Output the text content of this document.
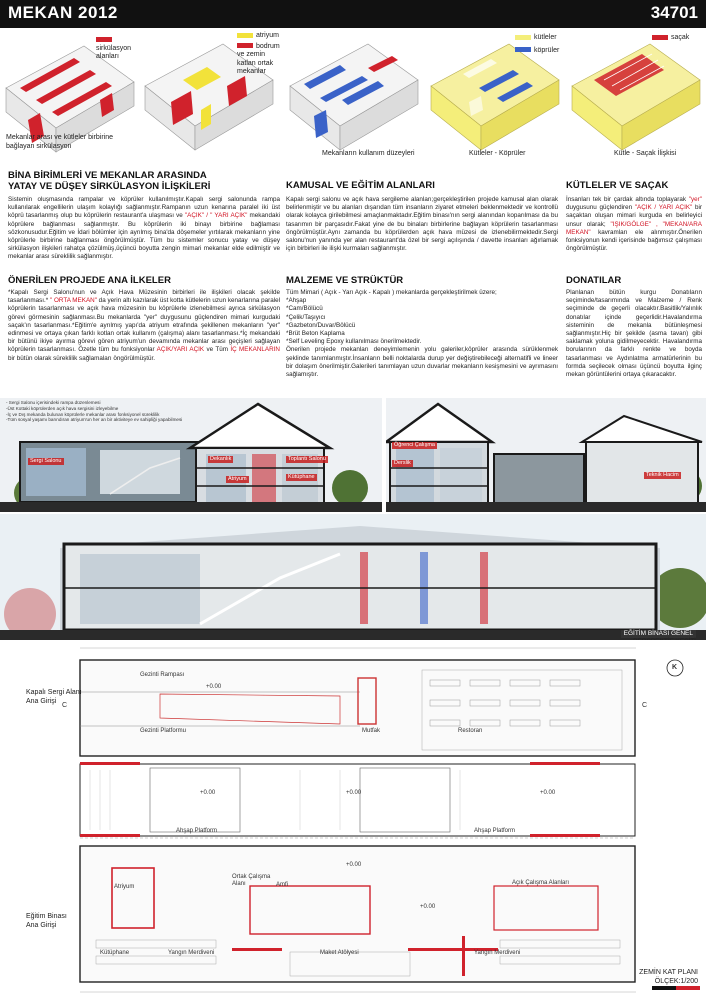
MEKAN 2012	34701
sirkülasyon alanları
Mekanlar arası ve kütleler birbirine bağlayan sirkülasyon
atriyum
bodrum ve zemin katlan ortak mekanlar
Mekanların kullanım düzeyleri
kütleler
köprüler
Kütleler - Köprüler
saçak
Kütle - Saçak İlişkisi
BİNA BİRİMLERİ VE MEKANLAR ARASINDA
YATAY VE DÜŞEY SİRKÜLASYON İLİŞKİLERİ
Sistemin oluşmasında rampalar ve köprüler kullanılmıştır.Kapalı sergi salonunda rampa kullanılarak engellilerin ulaşım kolaylığı sağlanmıştır.Rampanın uzun kenarına paralel iki üst köprü tasarlanmış olup bu köprülerin restaurant'a ulaşması ve "AÇIK" / " YARI AÇIK" mekandaki köprülere bağlanması sağlanmıştır. Bu köprülerin iki binayı birbirine bağlaması sözkonusudur.Eğitim ve İdari bölümler için ayrılmış bina'da döşemeler yırtılarak mekanların yine köprülerle birbirine bağlanması öngörülmüştür. Tüm bu sistemler sonucu yatay ve düşey sirkülasyon ilişkileri rahatça çözülmüş,üçüncü boyutta zengin mimari mekanlar elde edilmiştir ve mekanlar arası süreklilik sağlanmıştır.
ÖNERİLEN PROJEDE ANA İLKELER
*Kapalı Sergi Salonu'nun ve Açık Hava Müzesinin birbirleri ile ilişkileri olacak şekilde tasarlanması.* " ORTA MEKAN" da yerin altı kazılarak üst kotta kütlelerin uzun kenarlarına paralel köprülerin tasarlanması ve açık hava müzesinin bu köprülerle izlenebilmesi ayrıca sirkülasyon görevi görmesinin sağlanması.Bu mekanlarda "yer" duygusunu güçlendiren mimari kurgudaki saçak'ın tasarlanması.*Eğitim'e ayrılmış yapı'da atriyum etrafında şekillenen mekanların "yer" edinmesi ve ortaya çıkan farklı kotlan ortak kullanım (çalışma) alanı tasarlanması.*İç mekandaki bir bütünü ikiye ayırma görevi gören atriyum'un devamında mekanlar arası geçişleri sağlayan köprülerin tasarlanması. Özetle tüm bu fonksiyonlar AÇIK/YARI AÇIK ve Tüm İÇ MEKANLARIN bir bütün olarak süreklilik sağlamaları öngörülmüştür.
KAMUSAL VE EĞİTİM ALANLARI
Kapalı sergi salonu ve açık hava sergileme alanları;gerçekleştirilen projede kamusal alan olarak belirlenmiştir ve bu alanları dışarıdan tüm insanların ziyaret etmeleri beklenmektedir ve kontrollü olarak kolayca girilebilmesi amaçlanmaktadır.Eğitim binası'nın sergi alanından koparılması da bu tasarımın bir parçasıdır.Fakat yine de bu binaları birbirlerine bağlayan köprülerin tasarlanması öngörülmüştür.Aynı zamanda bu köprülerden açık hava müzesi de izlenebilirmektedir.Sergi salonu'nun yanında yer alan restaurant'da özel bir sergi açılışında / davette insanları ağırlamak için birbirleri ile ilişki kurmaları sağlanmıştır.
MALZEME VE STRÜKTÜR
Tüm Mimari ( Açık - Yarı Açık - Kapalı ) mekanlarda gerçekleştirilmek üzere;
*Ahşap
*Cam/Bölücü
*Çelik/Taşıyıcı
*Gazbeton/Duvar/Bölücü
*Brüt Beton Kaplama
*Self Leveling Epoxy kullanılması önerilmektedir.
Önerilen projede mekanları deneyimlemenin yolu galeriler,köprüler arasında sürüklenmek şeklinde tanımlanmıştır.İnsanların belli noktalarda durup yer değiştirebileceği alternatifli ve lineer bir dolaşım önerilmiştir.Galerileri tanımlayan uzun duvarlar mekanların kesişmesini ve ayrımasını sağlamıştır.
KÜTLELER VE SAÇAK
İnsanları tek bir çardak altında toplayarak "yer" duygusunu güçlendiren "AÇIK / YARI AÇIK" bir saçaktan oluşan mimari kurguda en belirleyici unsur olarak; "IŞIK/GÖLGE" , "MEKAN/ARA MEKAN" kavramları ele alınmıştır.Önerilen fonksiyonun kendi içerisinde bağımsız çalışması öngörülmüştür.
DONATILAR
Planlanan bütün kurgu Donatıların seçiminde/tasarımında ve Malzeme / Renk seçiminde de geçerli olacaktır.Basitlik/Yalınlık donatılar içinde geçerlidir.Havalandırma sisteminin de mekanla bütünleşmesi sağlanmıştır.Hiç bir şekilde (asma tavan) gibi saklamak yoluna gidilmeyecektir. Havalandırma borularının da farklı renkte ve boyda tasarlanması ve Aydınlatma armatürlerinin bu formda seçilecek olması üçüncü boyutta ilginç mekan görüntülerini ortaya çıkaracaktır.
- Sergi Salonu içerisindeki rampa düzenlemesi
-Üst Kottaki köprülerden açık hava sergisini izleyebilme
-İç ve Dış mekanda bulunan köprülerle mekanlar arası fonksiyonel süreklilik
-Tüm sosyal yaşamı barındıran atriyum'un her an bir aktiviteye ev sahipliği yapabilmesi
Sergi Salonu	Dekanlık
Atriyum
Toplantı Salonu
Kütüphane
Öğrenci Çalışma
Derslik
Teknik Hacim
EĞİTİM BİNASI GENEL
Kapalı Sergi Alanı
Ana Girişi
Eğitim Binası
Ana Girişi
Gezinti Rampası
Gezinti Platformu	Mutfak	Restoran
Ahşap Platform	Ahşap Platform
Atriyum
Ortak Çalışma Alanı	Amfi	Açık Çalışma Alanları
Kütüphane	Yangın Merdiveni	Maket Atölyesi	Yangın Merdiveni
+0.00
+0.00	+0.00	+0.00
+0.00
+0.00
C	C
K
ZEMİN KAT PLANI
ÖLÇEK:1/200
